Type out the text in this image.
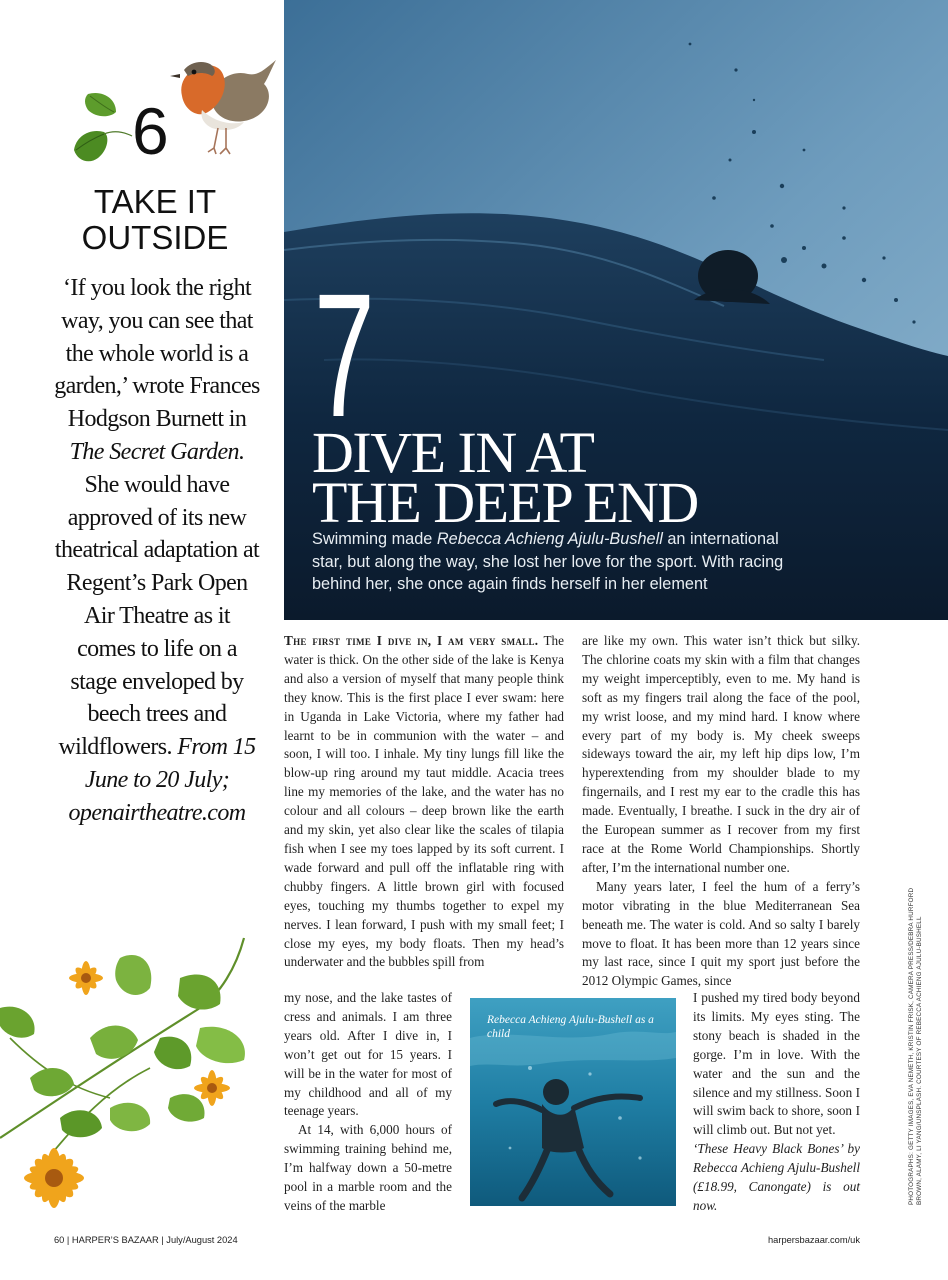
6
TAKE IT
OUTSIDE
‘If you look the right way, you can see that the whole world is a garden,’ wrote Frances Hodgson Burnett in The Secret Garden. She would have approved of its new theatrical adaptation at Regent’s Park Open Air Theatre as it comes to life on a stage enveloped by beech trees and wildflowers. From 15 June to 20 July; openairtheatre.com
7
DIVE IN AT
THE DEEP END
Swimming made Rebecca Achieng Ajulu-Bushell an international star, but along the way, she lost her love for the sport. With racing behind her, she once again finds herself in her element

The first time I dive in, I am very small. The water is thick. On the other side of the lake is Kenya and also a version of myself that many people think they know. This is the first place I ever swam: here in Uganda in Lake Victoria, where my father had learnt to be in communion with the water – and soon, I will too. I inhale. My tiny lungs fill like the blow-up ring around my taut middle. Acacia trees line my memories of the lake, and the water has no colour and all colours – deep brown like the earth and my skin, yet also clear like the scales of tilapia fish when I see my toes lapped by its soft current. I wade forward and pull off the inflatable ring with chubby fingers. A little brown girl with focused eyes, touching my thumbs together to expel my nerves. I lean forward, I push with my small feet; I close my eyes, my body floats. Then my head’s underwater and the bubbles spill from

my nose, and the lake tastes of cress and animals. I am three years old. After I dive in, I won’t get out for 15 years. I will be in the water for most of my childhood and all of my teenage years.

At 14, with 6,000 hours of swimming training behind me, I’m halfway down a 50-metre pool in a marble room and the veins of the marble

are like my own. This water isn’t thick but silky. The chlorine coats my skin with a film that changes my weight imperceptibly, even to me. My hand is soft as my fingers trail along the face of the pool, my wrist loose, and my mind hard. I know where every part of my body is. My cheek sweeps sideways toward the air, my left hip dips low, I’m hyperextending from my shoulder blade to my fingernails, and I rest my ear to the cradle this has made. Eventually, I breathe. I suck in the dry air of the European summer as I recover from my first race at the Rome World Championships. Shortly after, I’m the international number one.

Many years later, I feel the hum of a ferry’s motor vibrating in the blue Mediterranean Sea beneath me. The water is cold. And so salty I barely move to float. It has been more than 12 years since my last race, since I quit my sport just before the 2012 Olympic Games, since

I pushed my tired body beyond its limits. My eyes sting. The stony beach is shaded in the gorge. I’m in love. With the water and the sun and the silence and my stillness. Soon I will swim back to shore, soon I will climb out. But not yet.

‘These Heavy Black Bones’ by Rebecca Achieng Ajulu-Bushell (£18.99, Canongate) is out now.

Rebecca Achieng Ajulu-Bushell as a child	PHOTOGRAPHS: GETTY IMAGES, EVA NEMETH, KRISTIN FRISK, CAMERA PRESS/DEBRA HURFORD BROWN, ALAMY, LI YANG/UNSPLASH. COURTESY OF REBECCA ACHIENG AJULU-BUSHELL
60 | HARPER’S BAZAAR | July/August 2024	harpersbazaar.com/uk
